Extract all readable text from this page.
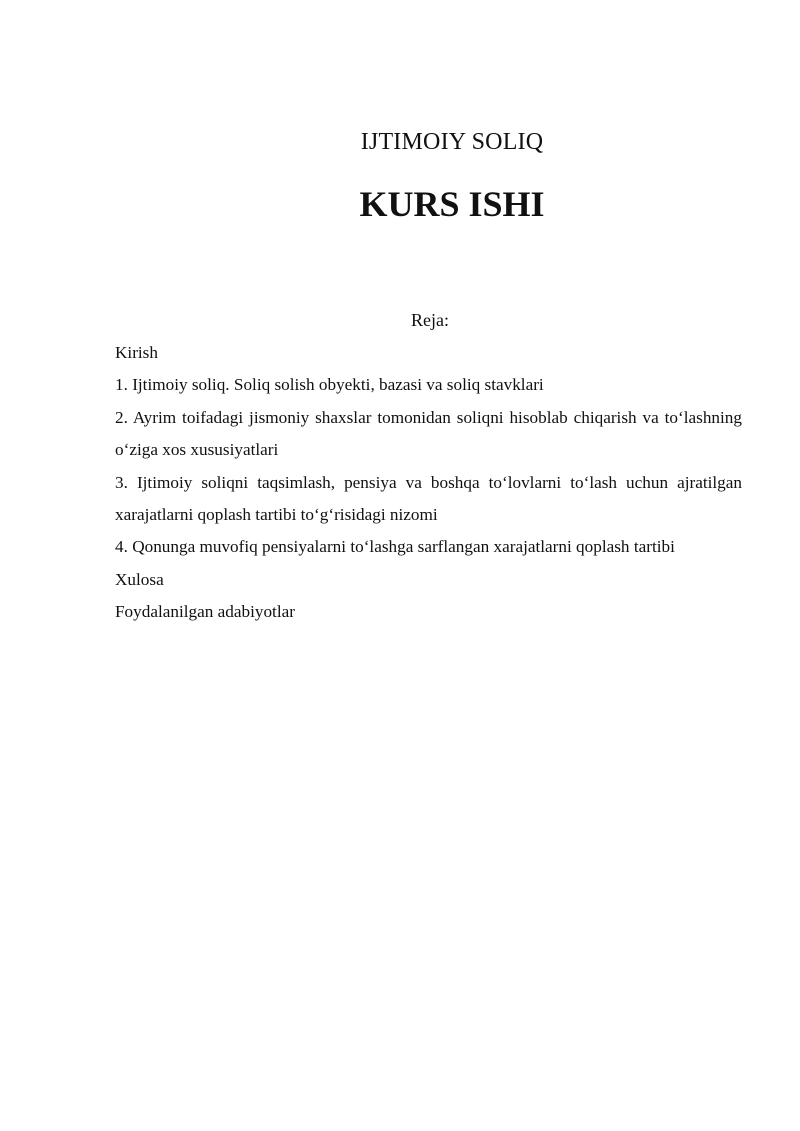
IJTIMOIY SOLIQ
KURS ISHI
Reja:
Kirish
1. Ijtimoiy soliq. Soliq solish obyekti, bazasi va soliq stavklari
2. Ayrim toifadagi jismoniy shaxslar tomonidan soliqni hisoblab chiqarish va to‘lashning o‘ziga xos xususiyatlari
3. Ijtimoiy soliqni taqsimlash, pensiya va boshqa to‘lovlarni to‘lash uchun ajratilgan xarajatlarni qoplash tartibi to‘g‘risidagi nizomi
4. Qonunga muvofiq pensiyalarni to‘lashga sarflangan xarajatlarni qoplash tartibi
Xulosa
Foydalanilgan adabiyotlar
